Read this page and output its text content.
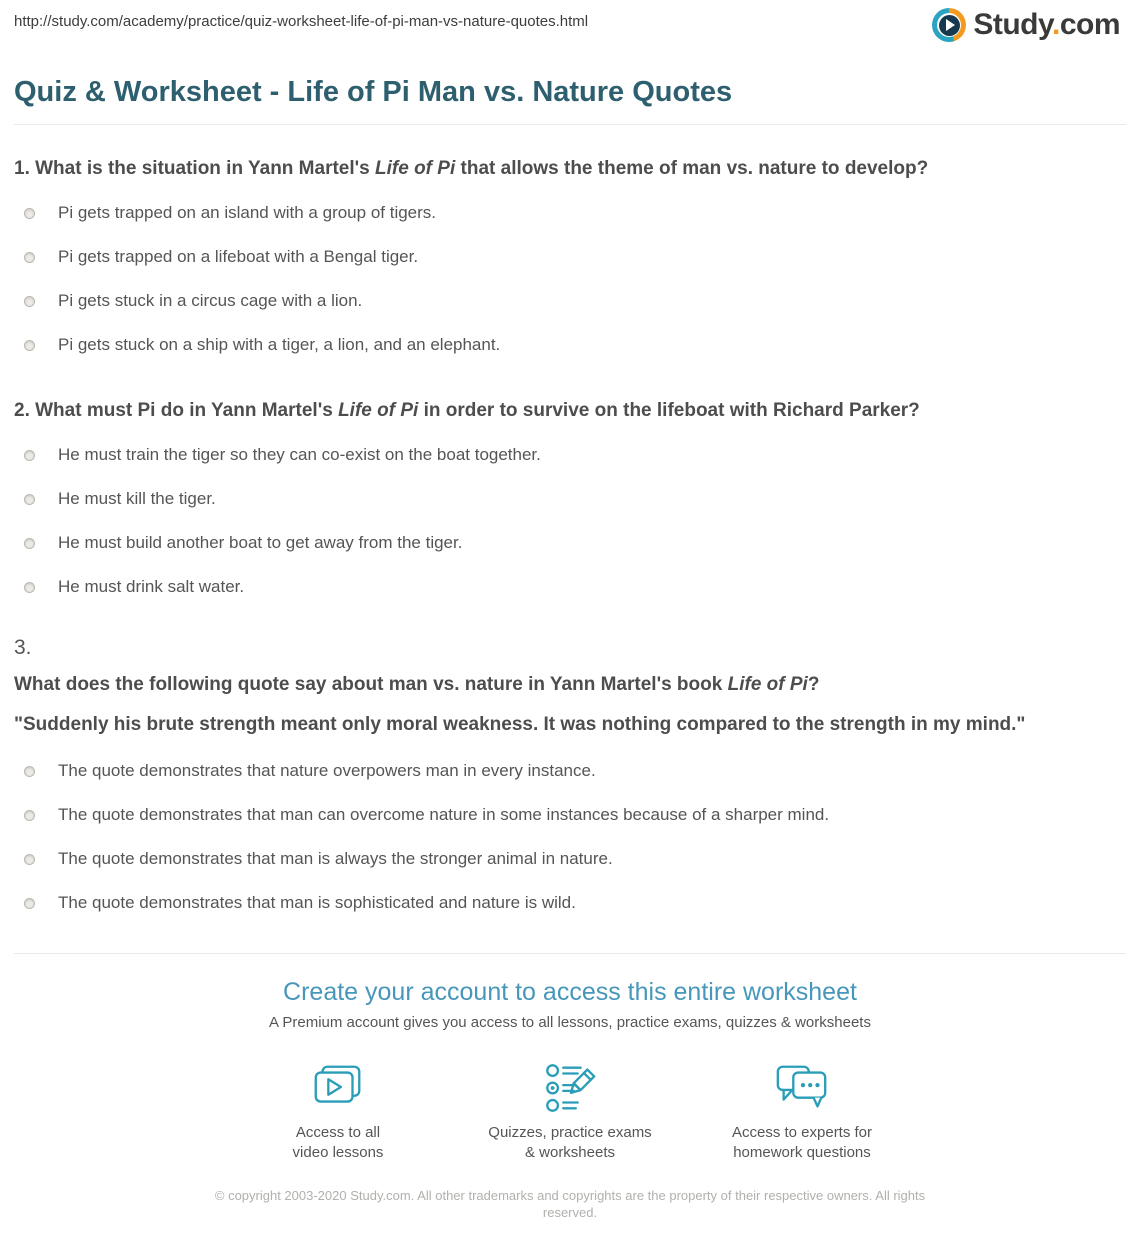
http://study.com/academy/practice/quiz-worksheet-life-of-pi-man-vs-nature-quotes.html	Study.com
Quiz & Worksheet - Life of Pi Man vs. Nature Quotes
1. What is the situation in Yann Martel's Life of Pi that allows the theme of man vs. nature to develop?
Pi gets trapped on an island with a group of tigers.
Pi gets trapped on a lifeboat with a Bengal tiger.
Pi gets stuck in a circus cage with a lion.
Pi gets stuck on a ship with a tiger, a lion, and an elephant.
2. What must Pi do in Yann Martel's Life of Pi in order to survive on the lifeboat with Richard Parker?
He must train the tiger so they can co-exist on the boat together.
He must kill the tiger.
He must build another boat to get away from the tiger.
He must drink salt water.
3.
What does the following quote say about man vs. nature in Yann Martel's book Life of Pi?
"Suddenly his brute strength meant only moral weakness. It was nothing compared to the strength in my mind."
The quote demonstrates that nature overpowers man in every instance.
The quote demonstrates that man can overcome nature in some instances because of a sharper mind.
The quote demonstrates that man is always the stronger animal in nature.
The quote demonstrates that man is sophisticated and nature is wild.
Create your account to access this entire worksheet
A Premium account gives you access to all lessons, practice exams, quizzes & worksheets
Access to all
video lessons
Quizzes, practice exams
& worksheets
Access to experts for
homework questions
© copyright 2003-2020 Study.com. All other trademarks and copyrights are the property of their respective owners. All rights reserved.
